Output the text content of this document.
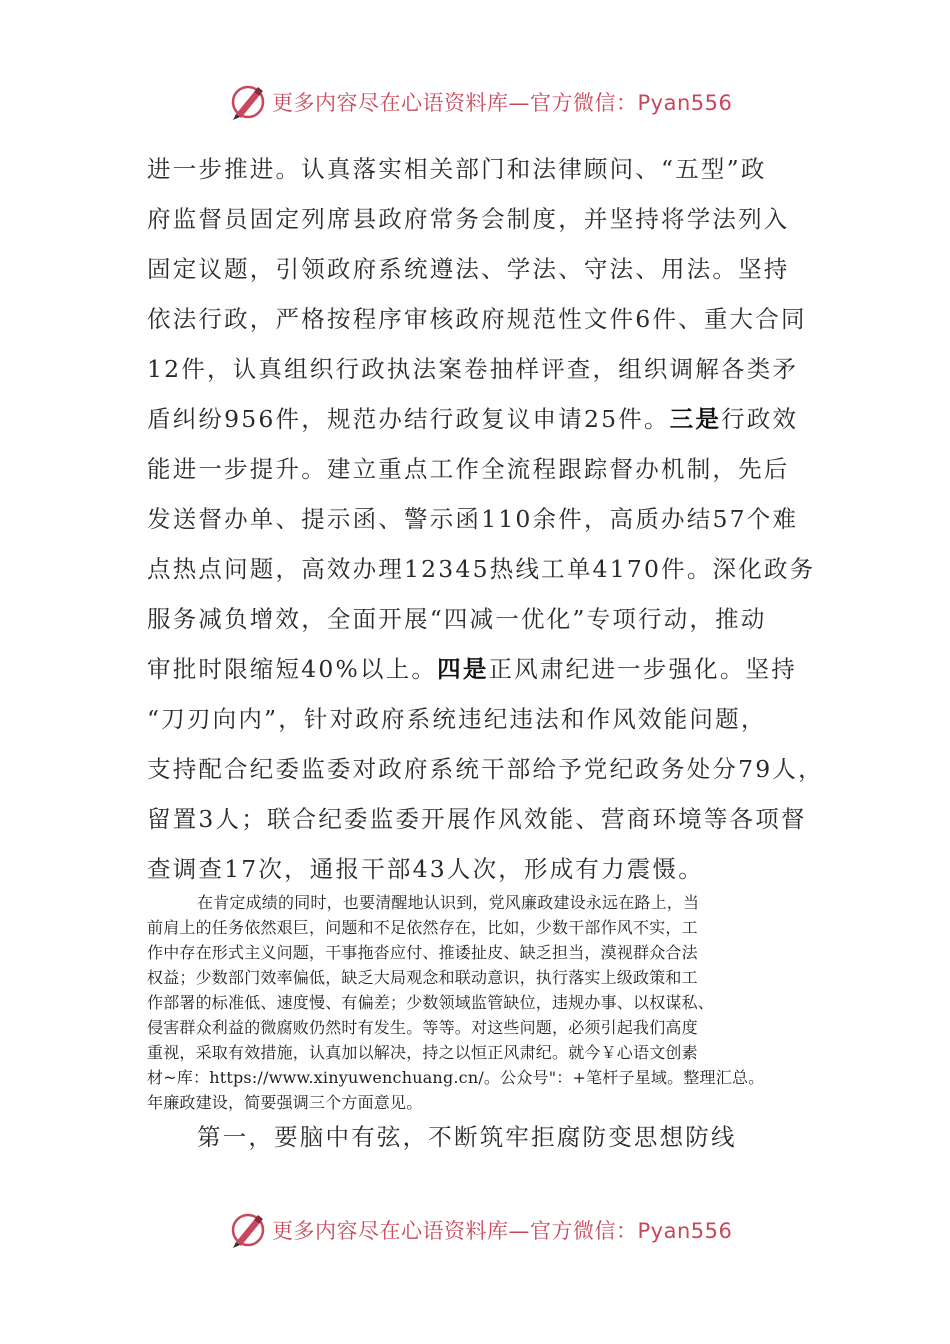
更多内容尽在心语资料库—官方微信：Pyan556

进一步推进。认真落实相关部门和法律顾问、“五型”政

府监督员固定列席县政府常务会制度，并坚持将学法列入

固定议题，引领政府系统遵法、学法、守法、用法。坚持

依法行政，严格按程序审核政府规范性文件6件、重大合同

12件，认真组织行政执法案卷抽样评查，组织调解各类矛

盾纠纷956件，规范办结行政复议申请25件。三是行政效

能进一步提升。建立重点工作全流程跟踪督办机制，先后

发送督办单、提示函、警示函110余件，高质办结57个难

点热点问题，高效办理12345热线工单4170件。深化政务

服务减负增效，全面开展“四减一优化”专项行动，推动

审批时限缩短40%以上。四是正风肃纪进一步强化。坚持

“刀刃向内”，针对政府系统违纪违法和作风效能问题，

支持配合纪委监委对政府系统干部给予党纪政务处分79人，

留置3人；联合纪委监委开展作风效能、营商环境等各项督

查调查17次，通报干部43人次，形成有力震慑。

在肯定成绩的同时，也要清醒地认识到，党风廉政建设永远在路上，当

前肩上的任务依然艰巨，问题和不足依然存在，比如，少数干部作风不实，工

作中存在形式主义问题，干事拖沓应付、推诿扯皮、缺乏担当，漠视群众合法

权益；少数部门效率偏低，缺乏大局观念和联动意识，执行落实上级政策和工

作部署的标准低、速度慢、有偏差；少数领域监管缺位，违规办事、以权谋私、

侵害群众利益的微腐败仍然时有发生。等等。对这些问题，必须引起我们高度

重视，采取有效措施，认真加以解决，持之以恒正风肃纪。就今￥心语文创素

材~库：https://www.xinyuwenchuang.cn/。公众号"：+笔杆子星域。整理汇总。

年廉政建设，简要强调三个方面意见。

第一，要脑中有弦，不断筑牢拒腐防变思想防线
更多内容尽在心语资料库—官方微信：Pyan556
